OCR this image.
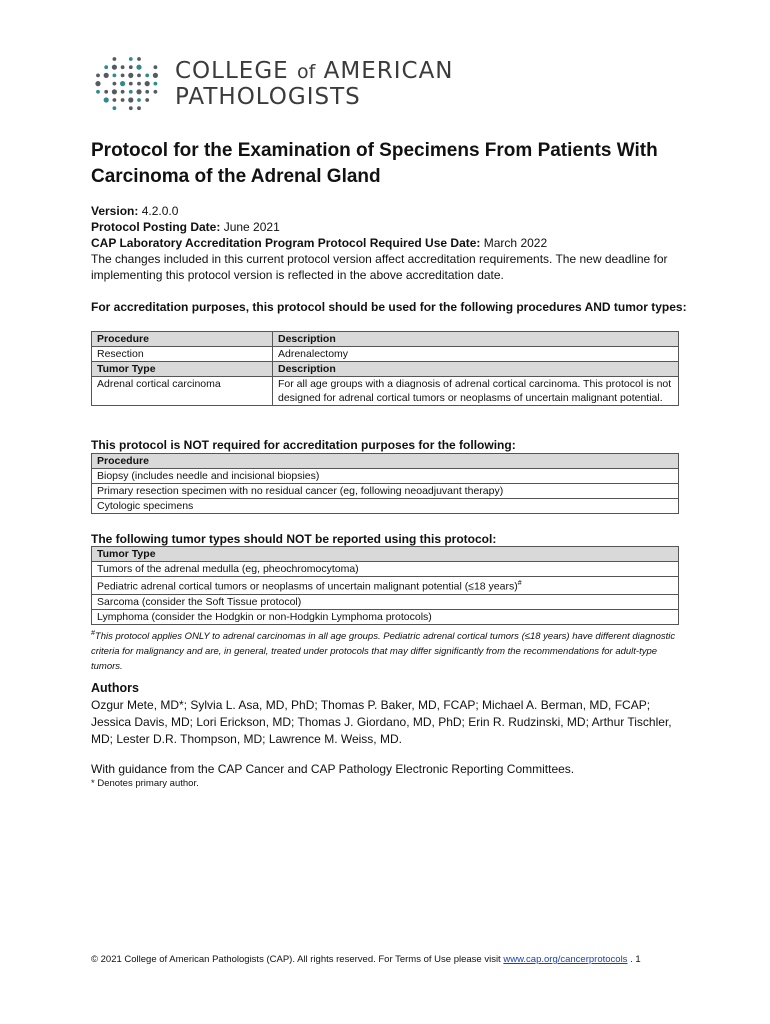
COLLEGE of AMERICAN
PATHOLOGISTS
Protocol for the Examination of Specimens From Patients With Carcinoma of the Adrenal Gland

Version: 4.2.0.0

Protocol Posting Date: June 2021

CAP Laboratory Accreditation Program Protocol Required Use Date: March 2022

The changes included in this current protocol version affect accreditation requirements. The new deadline for implementing this protocol version is reflected in the above accreditation date.

For accreditation purposes, this protocol should be used for the following procedures AND tumor types:

Procedure	Description
Resection	Adrenalectomy
Tumor Type	Description
Adrenal cortical carcinoma	For all age groups with a diagnosis of adrenal cortical carcinoma. This protocol is not designed for adrenal cortical tumors or neoplasms of uncertain malignant potential.

This protocol is NOT required for accreditation purposes for the following:

Procedure
Biopsy (includes needle and incisional biopsies)
Primary resection specimen with no residual cancer (eg, following neoadjuvant therapy)
Cytologic specimens

The following tumor types should NOT be reported using this protocol:

Tumor Type
Tumors of the adrenal medulla (eg, pheochromocytoma)
Pediatric adrenal cortical tumors or neoplasms of uncertain malignant potential (≤18 years)#
Sarcoma (consider the Soft Tissue protocol)
Lymphoma (consider the Hodgkin or non-Hodgkin Lymphoma protocols)
#This protocol applies ONLY to adrenal carcinomas in all age groups. Pediatric adrenal cortical tumors (≤18 years) have different diagnostic criteria for malignancy and are, in general, treated under protocols that may differ significantly from the recommendations for adult-type tumors.

Authors

Ozgur Mete, MD*; Sylvia L. Asa, MD, PhD; Thomas P. Baker, MD, FCAP; Michael A. Berman, MD, FCAP; Jessica Davis, MD; Lori Erickson, MD; Thomas J. Giordano, MD, PhD; Erin R. Rudzinski, MD; Arthur Tischler, MD; Lester D.R. Thompson, MD; Lawrence M. Weiss, MD.

With guidance from the CAP Cancer and CAP Pathology Electronic Reporting Committees.

* Denotes primary author.

© 2021 College of American Pathologists (CAP). All rights reserved. For Terms of Use please visit www.cap.org/cancerprotocols . 1
